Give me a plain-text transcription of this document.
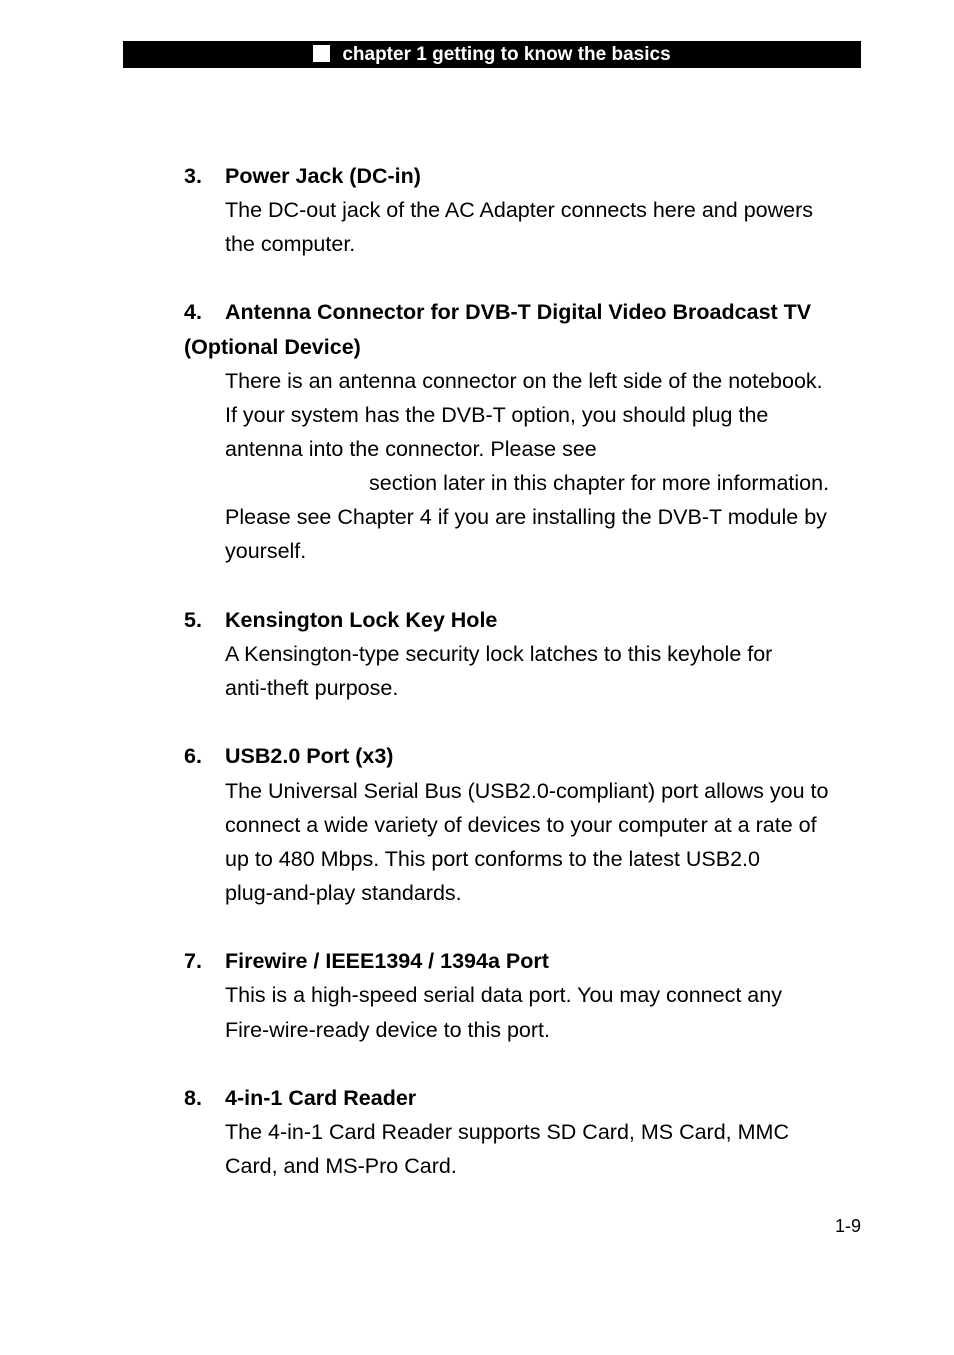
chapter 1 getting to know the basics
3. Power Jack (DC-in)
The DC-out jack of the AC Adapter connects here and powers
the computer.
4. Antenna Connector for DVB-T Digital Video Broadcast TV
(Optional Device)
There is an antenna connector on the left side of the notebook.
If your system has the DVB-T option, you should plug the
antenna into the connector. Please see
section later in this chapter for more information.
Please see Chapter 4 if you are installing the DVB-T module by
yourself.
5. Kensington Lock Key Hole
A Kensington-type security lock latches to this keyhole for
anti-theft purpose.
6. USB2.0 Port (x3)
The Universal Serial Bus (USB2.0-compliant) port allows you to
connect a wide variety of devices to your computer at a rate of
up to 480 Mbps. This port conforms to the latest USB2.0
plug-and-play standards.
7. Firewire / IEEE1394 / 1394a Port
This is a high-speed serial data port. You may connect any
Fire-wire-ready device to this port.
8. 4-in-1 Card Reader
The 4-in-1 Card Reader supports SD Card, MS Card, MMC
Card, and MS-Pro Card.
1-9
